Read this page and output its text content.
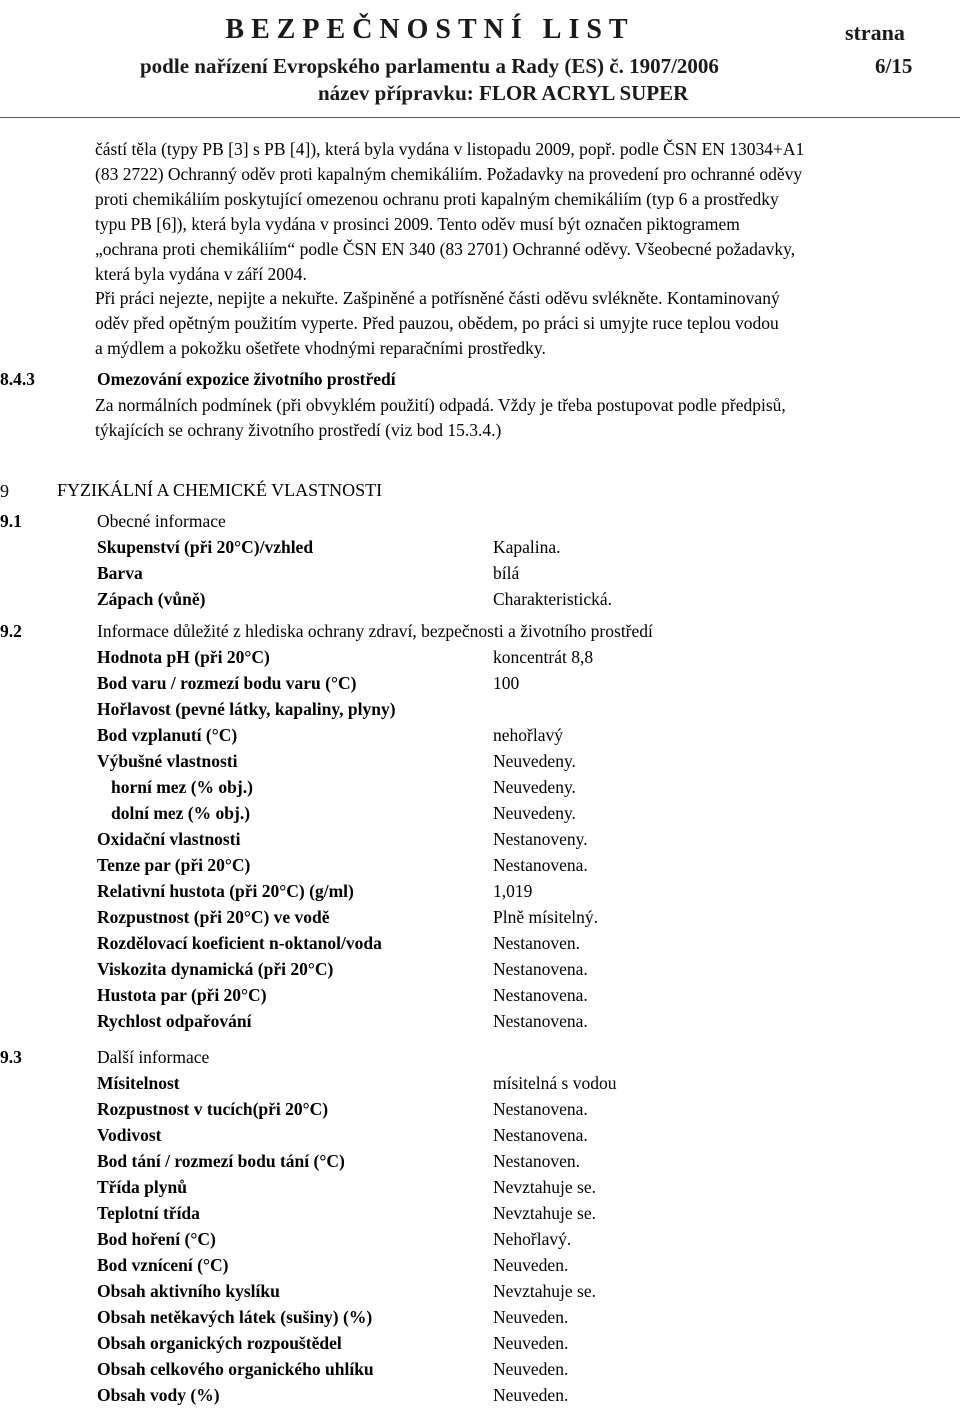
BEZPEČNOSTNÍ LIST	strana
podle nařízení Evropského parlamentu a Rady (ES) č. 1907/2006	6/15
název přípravku: FLOR ACRYL SUPER

částí těla (typy PB [3] s PB [4]), která byla vydána v listopadu 2009, popř. podle ČSN EN 13034+A1

(83 2722) Ochranný oděv proti kapalným chemikáliím. Požadavky na provedení pro ochranné oděvy

proti chemikáliím poskytující omezenou ochranu proti kapalným chemikáliím (typ 6 a prostředky

typu PB [6]), která byla vydána v prosinci 2009. Tento oděv musí být označen piktogramem

„ochrana proti chemikáliím“ podle ČSN EN 340 (83 2701) Ochranné oděvy. Všeobecné požadavky,

která byla vydána v září 2004.

Při práci nejezte, nepijte a nekuřte. Zašpiněné a potřísněné části oděvu svlékněte. Kontaminovaný

oděv před opětným použitím vyperte. Před pauzou, obědem, po práci si umyjte ruce teplou vodou

a mýdlem a pokožku ošetřete vhodnými reparačními prostředky.

8.4.3	Omezování expozice životního prostředí

Za normálních podmínek (při obvyklém použití) odpadá. Vždy je třeba postupovat podle předpisů,

týkajících se ochrany životního prostředí (viz bod 15.3.4.)

9	FYZIKÁLNÍ A CHEMICKÉ VLASTNOSTI
9.1	Obecné informace
Skupenství (při 20°C)/vzhled	Kapalina.
Barva	bílá
Zápach (vůně)	Charakteristická.
9.2	Informace důležité z hlediska ochrany zdraví, bezpečnosti a životního prostředí
Hodnota pH (při 20°C)	koncentrát 8,8
Bod varu / rozmezí bodu varu (°C)	100
Hořlavost (pevné látky, kapaliny, plyny)
Bod vzplanutí (°C)	nehořlavý
Výbušné vlastnosti	Neuvedeny.
horní mez (% obj.)	Neuvedeny.
dolní mez (% obj.)	Neuvedeny.
Oxidační vlastnosti	Nestanoveny.
Tenze par (při 20°C)	Nestanovena.
Relativní hustota (při 20°C) (g/ml)	1,019
Rozpustnost (při 20°C) ve vodě	Plně mísitelný.
Rozdělovací koeficient n-oktanol/voda	Nestanoven.
Viskozita dynamická (při 20°C)	Nestanovena.
Hustota par (při 20°C)	Nestanovena.
Rychlost odpařování	Nestanovena.
9.3	Další informace
Mísitelnost	mísitelná s vodou
Rozpustnost v tucích(při 20°C)	Nestanovena.
Vodivost	Nestanovena.
Bod tání / rozmezí bodu tání (°C)	Nestanoven.
Třída plynů	Nevztahuje se.
Teplotní třída	Nevztahuje se.
Bod hoření (°C)	Nehořlavý.
Bod vznícení (°C)	Neuveden.
Obsah aktivního kyslíku	Nevztahuje se.
Obsah netěkavých látek (sušiny) (%)	Neuveden.
Obsah organických rozpouštědel	Neuveden.
Obsah celkového organického uhlíku	Neuveden.
Obsah vody (%)	Neuveden.
